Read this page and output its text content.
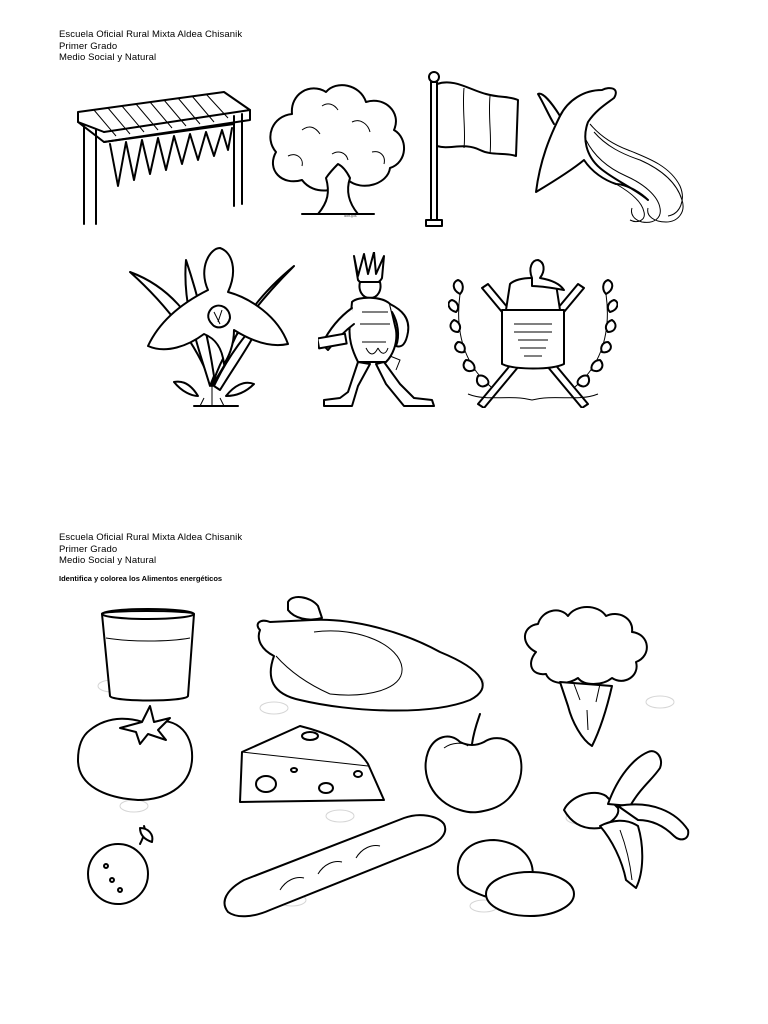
Escuela Oficial Rural Mixta Aldea Chisanik
Primer Grado
Medio Social y Natural
dibujos
Escuela Oficial Rural Mixta Aldea Chisanik
Primer Grado
Medio Social y Natural
Identifica y colorea los Alimentos energéticos
